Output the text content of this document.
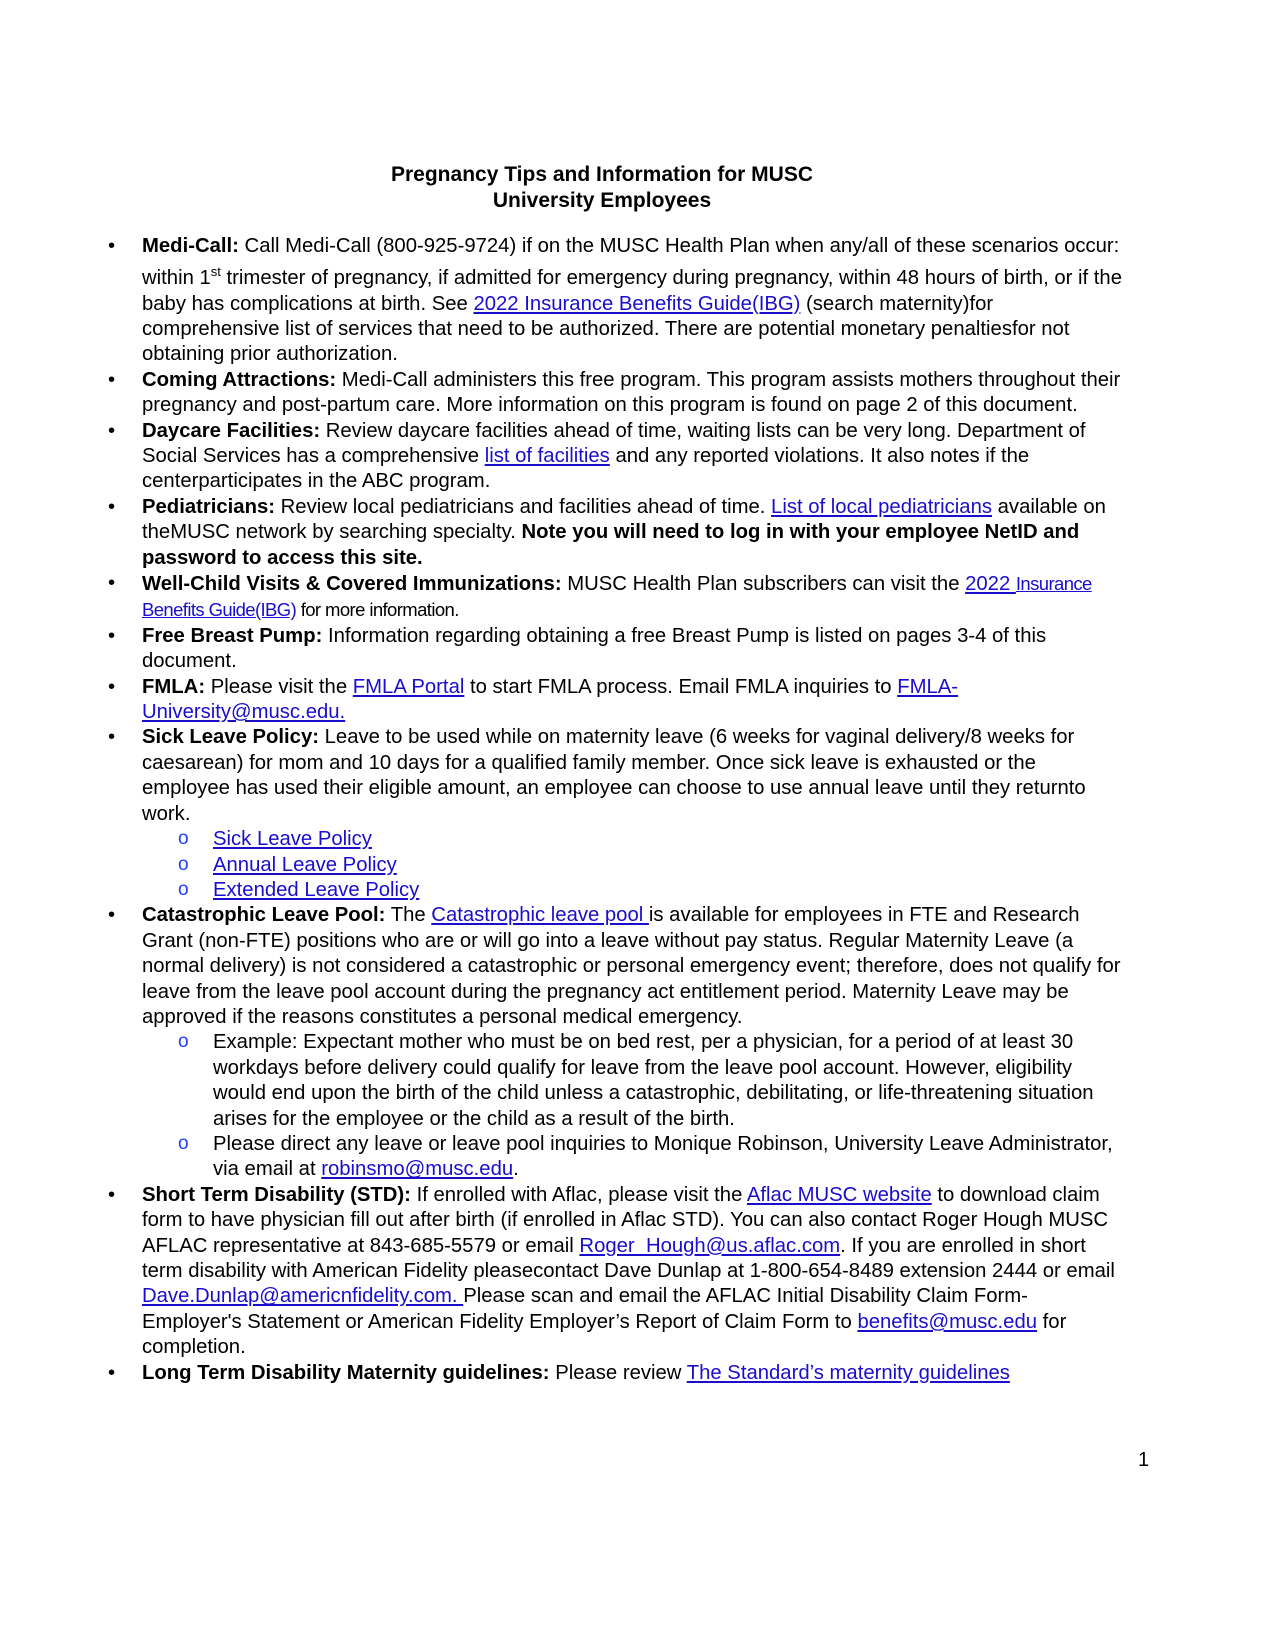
Pregnancy Tips and Information for MUSC
University Employees
• Medi-Call: Call Medi-Call (800-925-9724) if on the MUSC Health Plan when any/all of these scenarios occur: within 1st trimester of pregnancy, if admitted for emergency during pregnancy, within 48 hours of birth, or if the baby has complications at birth. See 2022 Insurance Benefits Guide(IBG) (search maternity)for comprehensive list of services that need to be authorized. There are potential monetary penaltiesfor not obtaining prior authorization.
• Coming Attractions: Medi-Call administers this free program. This program assists mothers throughout their pregnancy and post-partum care. More information on this program is found on page 2 of this document.
• Daycare Facilities: Review daycare facilities ahead of time, waiting lists can be very long. Department of Social Services has a comprehensive list of facilities and any reported violations. It also notes if the centerparticipates in the ABC program.
• Pediatricians: Review local pediatricians and facilities ahead of time. List of local pediatricians available on theMUSC network by searching specialty. Note you will need to log in with your employee NetID and password to access this site.
• Well-Child Visits & Covered Immunizations: MUSC Health Plan subscribers can visit the 2022 Insurance Benefits Guide(IBG) for more information.
• Free Breast Pump: Information regarding obtaining a free Breast Pump is listed on pages 3-4 of this document.
• FMLA: Please visit the FMLA Portal to start FMLA process. Email FMLA inquiries to FMLA-University@musc.edu.
• Sick Leave Policy: Leave to be used while on maternity leave (6 weeks for vaginal delivery/8 weeks for caesarean) for mom and 10 days for a qualified family member. Once sick leave is exhausted or the employee has used their eligible amount, an employee can choose to use annual leave until they returnto work.
o Sick Leave Policy
o Annual Leave Policy
o Extended Leave Policy
• Catastrophic Leave Pool: The Catastrophic leave pool is available for employees in FTE and Research Grant (non-FTE) positions who are or will go into a leave without pay status. Regular Maternity Leave (a normal delivery) is not considered a catastrophic or personal emergency event; therefore, does not qualify for leave from the leave pool account during the pregnancy act entitlement period. Maternity Leave may be approved if the reasons constitutes a personal medical emergency.
o Example: Expectant mother who must be on bed rest, per a physician, for a period of at least 30 workdays before delivery could qualify for leave from the leave pool account. However, eligibility would end upon the birth of the child unless a catastrophic, debilitating, or life-threatening situation arises for the employee or the child as a result of the birth.
o Please direct any leave or leave pool inquiries to Monique Robinson, University Leave Administrator, via email at robinsmo@musc.edu.
• Short Term Disability (STD): If enrolled with Aflac, please visit the Aflac MUSC website to download claim form to have physician fill out after birth (if enrolled in Aflac STD). You can also contact Roger Hough MUSC AFLAC representative at 843-685-5579 or email Roger_Hough@us.aflac.com. If you are enrolled in short term disability with American Fidelity pleasecontact Dave Dunlap at 1-800-654-8489 extension 2444 or email Dave.Dunlap@americnfidelity.com. Please scan and email the AFLAC Initial Disability Claim Form-Employer's Statement or American Fidelity Employer’s Report of Claim Form to benefits@musc.edu for completion.
• Long Term Disability Maternity guidelines: Please review The Standard’s maternity guidelines
1
